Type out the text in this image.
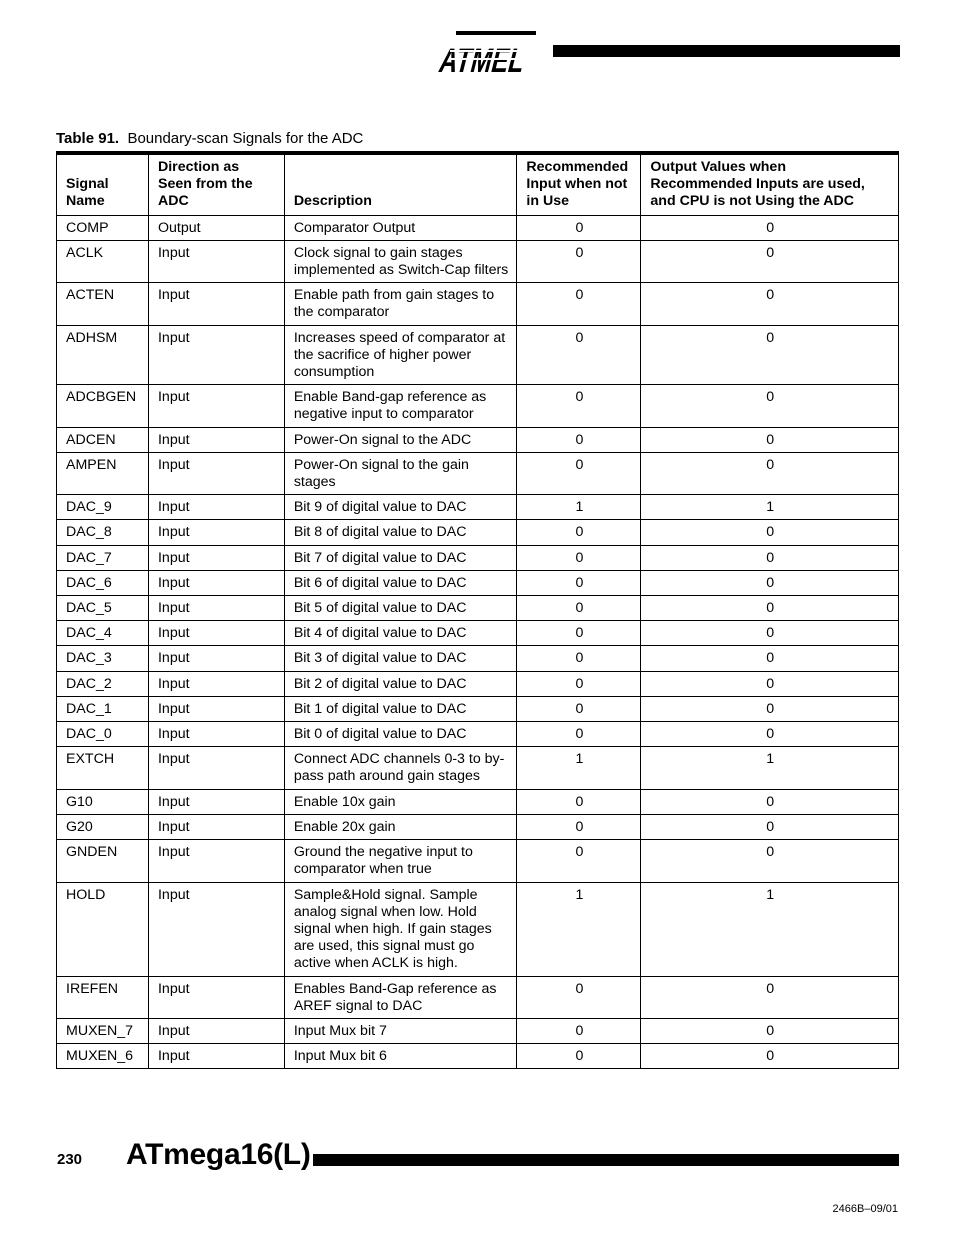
ATMEL
Table 91. Boundary-scan Signals for the ADC
Signal Name	Direction as Seen from the ADC	Description	Recommended Input when not in Use	Output Values when Recommended Inputs are used, and CPU is not Using the ADC
COMP	Output	Comparator Output	0	0
ACLK	Input	Clock signal to gain stages implemented as Switch-Cap filters	0	0
ACTEN	Input	Enable path from gain stages to the comparator	0	0
ADHSM	Input	Increases speed of comparator at the sacrifice of higher power consumption	0	0
ADCBGEN	Input	Enable Band-gap reference as negative input to comparator	0	0
ADCEN	Input	Power-On signal to the ADC	0	0
AMPEN	Input	Power-On signal to the gain stages	0	0
DAC_9	Input	Bit 9 of digital value to DAC	1	1
DAC_8	Input	Bit 8 of digital value to DAC	0	0
DAC_7	Input	Bit 7 of digital value to DAC	0	0
DAC_6	Input	Bit 6 of digital value to DAC	0	0
DAC_5	Input	Bit 5 of digital value to DAC	0	0
DAC_4	Input	Bit 4 of digital value to DAC	0	0
DAC_3	Input	Bit 3 of digital value to DAC	0	0
DAC_2	Input	Bit 2 of digital value to DAC	0	0
DAC_1	Input	Bit 1 of digital value to DAC	0	0
DAC_0	Input	Bit 0 of digital value to DAC	0	0
EXTCH	Input	Connect ADC channels 0-3 to by-pass path around gain stages	1	1
G10	Input	Enable 10x gain	0	0
G20	Input	Enable 20x gain	0	0
GNDEN	Input	Ground the negative input to comparator when true	0	0
HOLD	Input	Sample&Hold signal. Sample analog signal when low. Hold signal when high. If gain stages are used, this signal must go active when ACLK is high.	1	1
IREFEN	Input	Enables Band-Gap reference as AREF signal to DAC	0	0
MUXEN_7	Input	Input Mux bit 7	0	0
MUXEN_6	Input	Input Mux bit 6	0	0
230 ATmega16(L)
2466B–09/01
